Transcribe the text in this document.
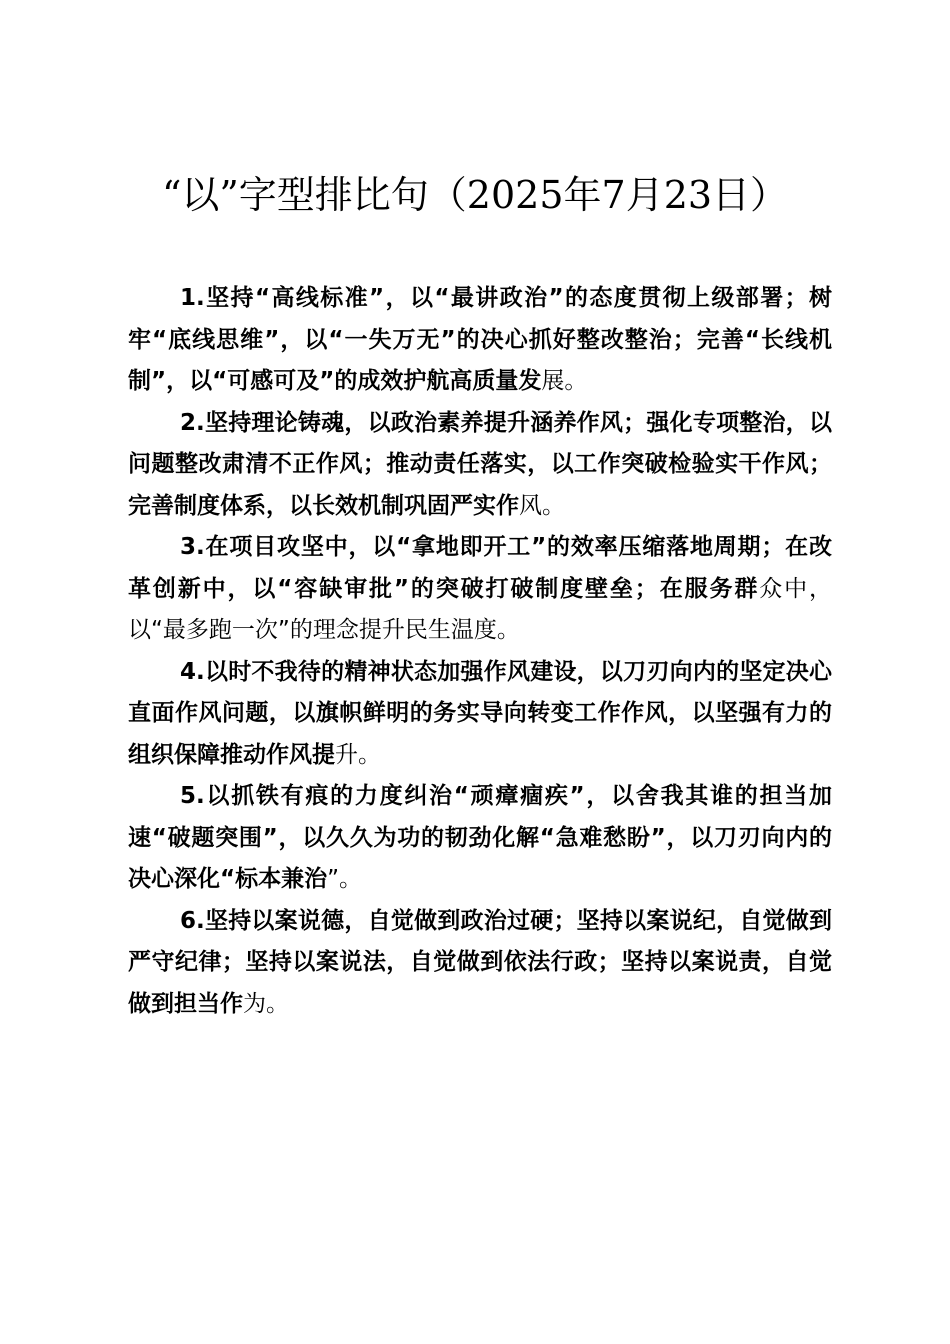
“以”字型排比句（2025年7月23日）

1.坚持“高线标准”，以“最讲政治”的态度贯彻上级部署；树牢“底线思维”，以“一失万无”的决心抓好整改整治；完善“长线机制”，以“可感可及”的成效护航高质量发展。

2.坚持理论铸魂，以政治素养提升涵养作风；强化专项整治，以问题整改肃清不正作风；推动责任落实，以工作突破检验实干作风；完善制度体系，以长效机制巩固严实作风。

3.在项目攻坚中，以“拿地即开工”的效率压缩落地周期；在改革创新中，以“容缺审批”的突破打破制度壁垒；在服务群众中，以“最多跑一次”的理念提升民生温度。

4.以时不我待的精神状态加强作风建设，以刀刃向内的坚定决心直面作风问题，以旗帜鲜明的务实导向转变工作作风，以坚强有力的组织保障推动作风提升。

5.以抓铁有痕的力度纠治“顽瘴痼疾”，以舍我其谁的担当加速“破题突围”，以久久为功的韧劲化解“急难愁盼”，以刀刃向内的决心深化“标本兼治”。

6.坚持以案说德，自觉做到政治过硬；坚持以案说纪，自觉做到严守纪律；坚持以案说法，自觉做到依法行政；坚持以案说责，自觉做到担当作为。
